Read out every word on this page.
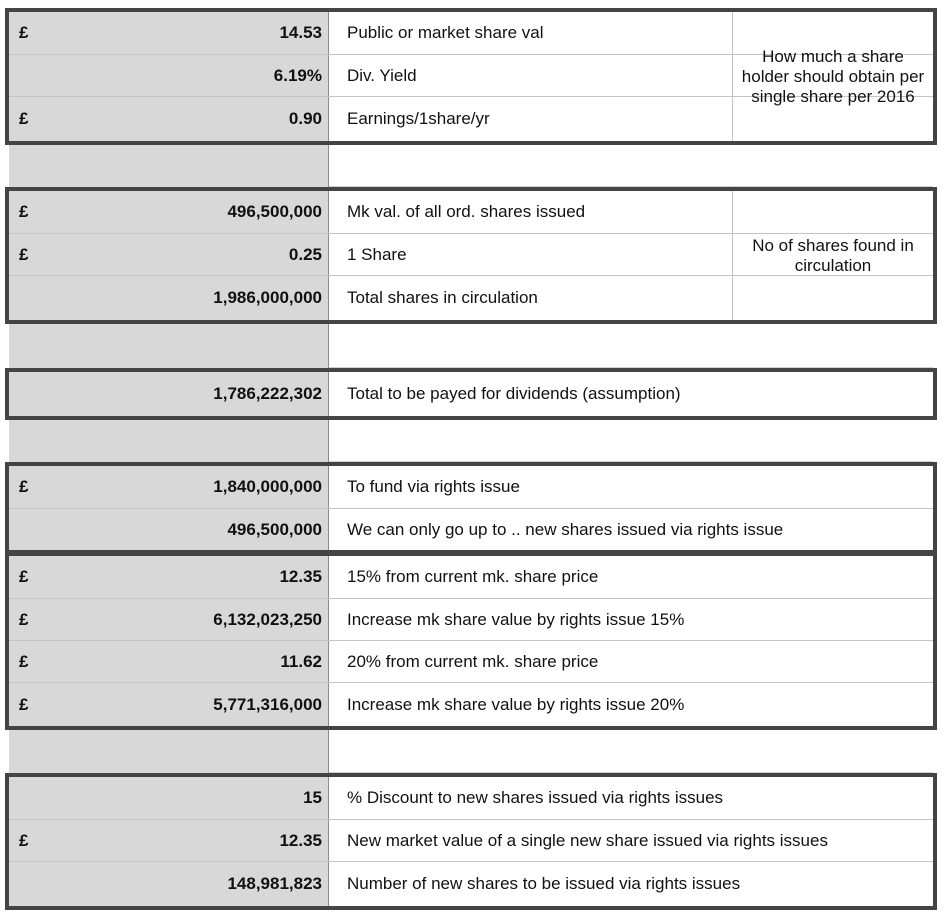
£	14.53	Public or market share val
6.19%	Div. Yield
£	0.90	Earnings/1share/yr
How much a share holder should obtain per single share per 2016
£	496,500,000	Mk val. of all ord. shares issued
£	0.25	1 Share
1,986,000,000	Total shares in circulation
No of shares found in circulation
1,786,222,302	Total to be payed for dividends (assumption)
£	1,840,000,000	To fund via rights issue
496,500,000	We can only go up to .. new shares issued via rights issue
£	12.35	15% from current mk. share price
£	6,132,023,250	Increase mk share value by rights issue 15%
£	11.62	20% from current mk. share price
£	5,771,316,000	Increase mk share value by rights issue 20%
15	% Discount to new shares issued via rights issues
£	12.35	New market value of a single new share issued via rights issues
148,981,823	Number of new shares to be issued via rights issues
